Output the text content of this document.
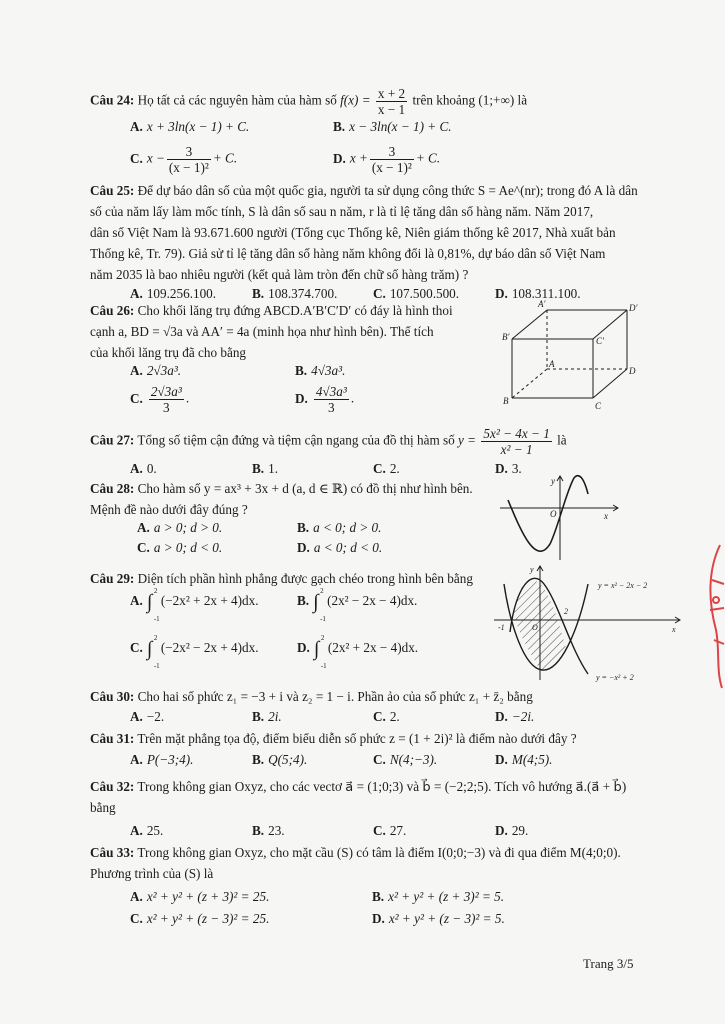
Câu 24: Họ tất cả các nguyên hàm của hàm số $f(x) = \frac{x + 2}{x - 1}$ trên khoảng (1;+∞) là
A. x + 3ln(x − 1) + C.	B. x − 3ln(x − 1) + C.
C. $x - \frac{3}{\text{(x − 1)²}} + C$.	D. $x + \frac{3}{\text{(x − 1)²}} + C$.
Câu 25: Để dự báo dân số của một quốc gia, người ta sử dụng công thức S = Ae^(nr); trong đó A là dân
số của năm lấy làm mốc tính, S là dân số sau n năm, r là tỉ lệ tăng dân số hàng năm. Năm 2017,
dân số Việt Nam là 93.671.600 người (Tổng cục Thống kê, Niên giám thống kê 2017, Nhà xuất bản
Thống kê, Tr. 79). Giả sử tỉ lệ tăng dân số hàng năm không đổi là 0,81%, dự báo dân số Việt Nam
năm 2035 là bao nhiêu người (kết quả làm tròn đến chữ số hàng trăm) ?
A. 109.256.100.	B. 108.374.700.	C. 107.500.500.	D. 108.311.100.
Câu 26: Cho khối lăng trụ đứng ABCD.A′B′C′D′ có đáy là hình thoi
cạnh a, BD = √3a và AA′ = 4a (minh họa như hình bên). Thể tích
của khối lăng trụ đã cho bằng
A. 2√3a³.	B. 4√3a³.
C. $\frac{\text{2√3a³}}{3}$ .	D. $\frac{\text{4√3a³}}{3}$ .
A′	D′
B′	C′
A
D
B	C
Câu 27: Tổng số tiệm cận đứng và tiệm cận ngang của đồ thị hàm số $y = \frac{\text{5x² − 4x − 1}}{\text{x² − 1}}$ là
A. 0.	B. 1.	C. 2.	D. 3.
Câu 28: Cho hàm số y = ax³ + 3x + d (a, d ∈ ℝ) có đồ thị như hình bên.
Mệnh đề nào dưới đây đúng ?
A. a > 0; d > 0.	B. a < 0; d > 0.
C. a > 0; d < 0.	D. a < 0; d < 0.
y
x
O
Câu 29: Diện tích phần hình phẳng được gạch chéo trong hình bên bằng
A. ∫ 2
-1
(−2x² + 2x + 4)dx.	B. ∫ 2
-1
(2x² − 2x − 4)dx.
C. ∫ 2
-1
(−2x² − 2x + 4)dx.	D. ∫ 2
-1
(2x² + 2x − 4)dx.
y
x
O
-1
2
y = x² − 2x − 2
y = −x² + 2
Câu 30: Cho hai số phức z₁ = −3 + i và z₂ = 1 − i. Phần ảo của số phức z₁ + z̄₂ bằng
A. −2.	B. 2i.	C. 2.	D. −2i.
Câu 31: Trên mặt phẳng tọa độ, điểm biểu diễn số phức z = (1 + 2i)² là điểm nào dưới đây ?
A. P(−3;4).	B. Q(5;4).	C. N(4;−3).	D. M(4;5).
Câu 32: Trong không gian Oxyz, cho các vectơ a⃗ = (1;0;3) và b⃗ = (−2;2;5). Tích vô hướng a⃗.(a⃗ + b⃗)
bằng
A. 25.	B. 23.	C. 27.	D. 29.
Câu 33: Trong không gian Oxyz, cho mặt cầu (S) có tâm là điểm I(0;0;−3) và đi qua điểm M(4;0;0).
Phương trình của (S) là
A. x² + y² + (z + 3)² = 25.	B. x² + y² + (z + 3)² = 5.
C. x² + y² + (z − 3)² = 25.	D. x² + y² + (z − 3)² = 5.
Trang 3/5
